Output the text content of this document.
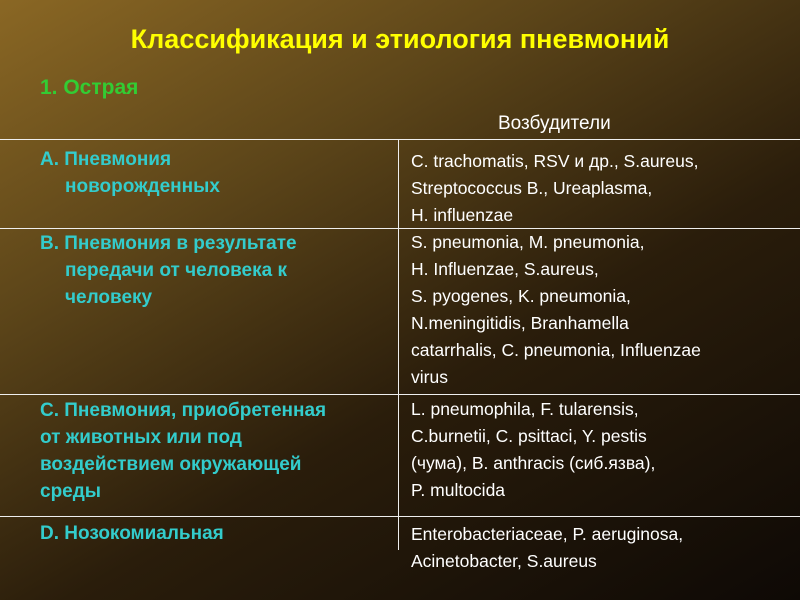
Классификация и этиология пневмоний
1. Острая
Возбудители
А. Пневмония
новорожденных
C. trachomatis, RSV и др., S.aureus,
Streptococcus B., Ureaplasma,
H. influenzae
В. Пневмония в результате
передачи от человека к
человеку
S. pneumonia, M. pneumonia,
H. Influenzae, S.aureus,
S. pyogenes, K. pneumonia,
N.meningitidis, Branhamella
catarrhalis, C. pneumonia, Influenzae
virus
C. Пневмония, приобретенная
от животных или под
воздействием окружающей
среды
L. pneumophila, F. tularensis,
C.burnetii, C. psittaci, Y. pestis
(чума), B. anthracis (сиб.язва),
P. multocida
D. Нозокомиальная	Enterobacteriaceae, P. aeruginosa,
Acinetobacter, S.aureus
